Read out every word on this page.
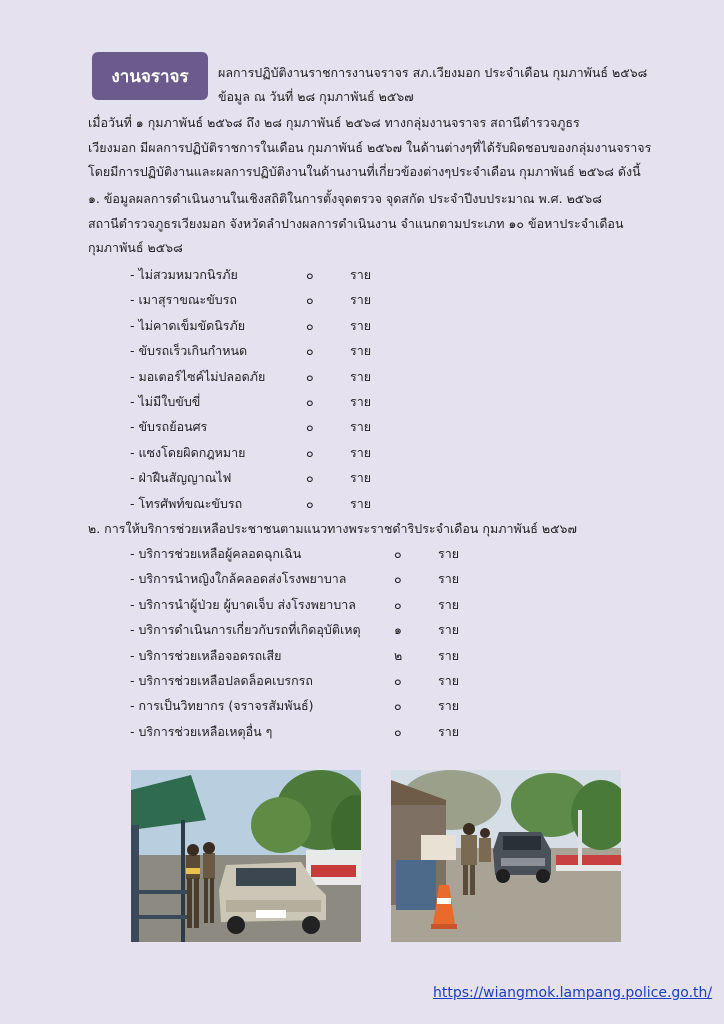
งานจราจร	ผลการปฏิบัติงานราชการงานจราจร สภ.เวียงมอก ประจำเดือน กุมภาพันธ์ ๒๕๖๘
ข้อมูล ณ วันที่ ๒๘ กุมภาพันธ์ ๒๕๖๗
เมื่อวันที่ ๑ กุมภาพันธ์ ๒๕๖๘ ถึง ๒๘ กุมภาพันธ์ ๒๕๖๘ ทางกลุ่มงานจราจร สถานีตำรวจภูธร
เวียงมอก มีผลการปฏิบัติราชการในเดือน กุมภาพันธ์ ๒๕๖๗ ในด้านต่างๆที่ได้รับผิดชอบของกลุ่มงานจราจร
โดยมีการปฏิบัติงานและผลการปฏิบัติงานในด้านงานที่เกี่ยวข้องต่างๆประจำเดือน กุมภาพันธ์ ๒๕๖๘ ดังนี้
๑. ข้อมูลผลการดำเนินงานในเชิงสถิติในการตั้งจุดตรวจ จุดสกัด ประจำปีงบประมาณ พ.ศ. ๒๕๖๘
สถานีตำรวจภูธรเวียงมอก จังหวัดลำปางผลการดำเนินงาน จำแนกตามประเภท ๑๐ ข้อหาประจำเดือน
กุมภาพันธ์ ๒๕๖๘
- ไม่สวมหมวกนิรภัย	๐	ราย
- เมาสุราขณะขับรถ	๐	ราย
- ไม่คาดเข็มขัดนิรภัย	๐	ราย
- ขับรถเร็วเกินกำหนด	๐	ราย
- มอเตอร์ไซค์ไม่ปลอดภัย	๐	ราย
- ไม่มีใบขับขี่	๐	ราย
- ขับรถย้อนศร	๐	ราย
- แซงโดยผิดกฎหมาย	๐	ราย
- ฝ่าฝืนสัญญาณไฟ	๐	ราย
- โทรศัพท์ขณะขับรถ	๐	ราย
๒. การให้บริการช่วยเหลือประชาชนตามแนวทางพระราชดำริประจำเดือน กุมภาพันธ์ ๒๕๖๗
- บริการช่วยเหลือผู้คลอดฉุกเฉิน	๐	ราย
- บริการนำหญิงใกล้คลอดส่งโรงพยาบาล	๐	ราย
- บริการนำผู้ป่วย ผู้บาดเจ็บ ส่งโรงพยาบาล	๐	ราย
- บริการดำเนินการเกี่ยวกับรถที่เกิดอุบัติเหตุ	๑	ราย
- บริการช่วยเหลือจอดรถเสีย	๒	ราย
- บริการช่วยเหลือปลดล็อคเบรกรถ	๐	ราย
- การเป็นวิทยากร (จราจรสัมพันธ์)	๐	ราย
- บริการช่วยเหลือเหตุอื่น ๆ	๐	ราย
https://wiangmok.lampang.police.go.th/
